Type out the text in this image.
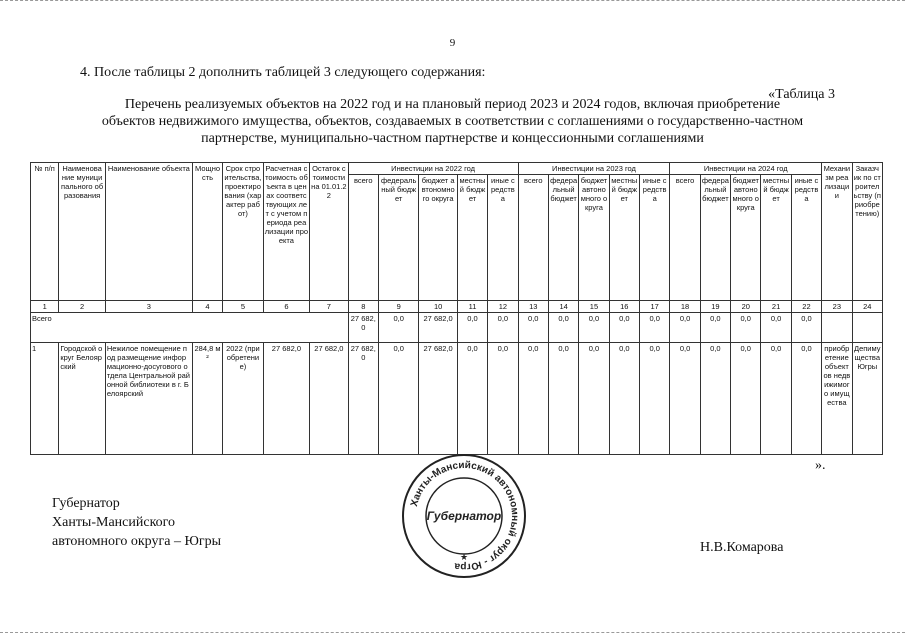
9
4. После таблицы 2 дополнить таблицей 3 следующего содержания:
«Таблица 3
Перечень реализуемых объектов на 2022 год и на плановый период 2023 и 2024 годов, включая приобретение
объектов недвижимого имущества, объектов, создаваемых в соответствии с соглашениями о государственно-частном
партнерстве, муниципально-частном партнерстве и концессионными соглашениями
№ п/п	Наименование муниципального образования	Наименование объекта	Мощность	Срок строительства, проектирования (характер работ)	Расчетная стоимость объекта в ценах соответствующих лет с учетом периода реализации проекта	Остаток стоимости на 01.01.22	Инвестиции на 2022 год					Инвестиции на 2023 год					Инвестиции на 2024 год					Механизм реализации	Заказчик по строительству (приобретению)
							всего	федеральный бюджет	бюджет автономного округа	местный бюджет	иные средства	всего	федеральный бюджет	бюджет автономного округа	местный бюджет	иные средства	всего	федеральный бюджет	бюджет автономного округа	местный бюджет	иные средства		
1	2	3	4	5	6	7	8	9	10	11	12	13	14	15	16	17	18	19	20	21	22	23	24
Всего							27 682,0	0,0	27 682,0	0,0	0,0	0,0	0,0	0,0	0,0	0,0	0,0	0,0	0,0	0,0	0,0		
1	Городской округ Белоярский	Нежилое помещение под размещение информационно-досугового отдела Центральной районной библиотеки в г. Белоярский	284,8 м²	2022 (приобретение)	27 682,0	27 682,0	27 682,0	0,0	27 682,0	0,0	0,0	0,0	0,0	0,0	0,0	0,0	0,0	0,0	0,0	0,0	0,0	приобретение объектов недвижимого имущества	Депимущества Югры
».
Губернатор
Ханты-Мансийского
автономного округа – Югры
Ханты-Мансийский автономный округ - Югра
Губернатор
★
Н.В.Комарова
